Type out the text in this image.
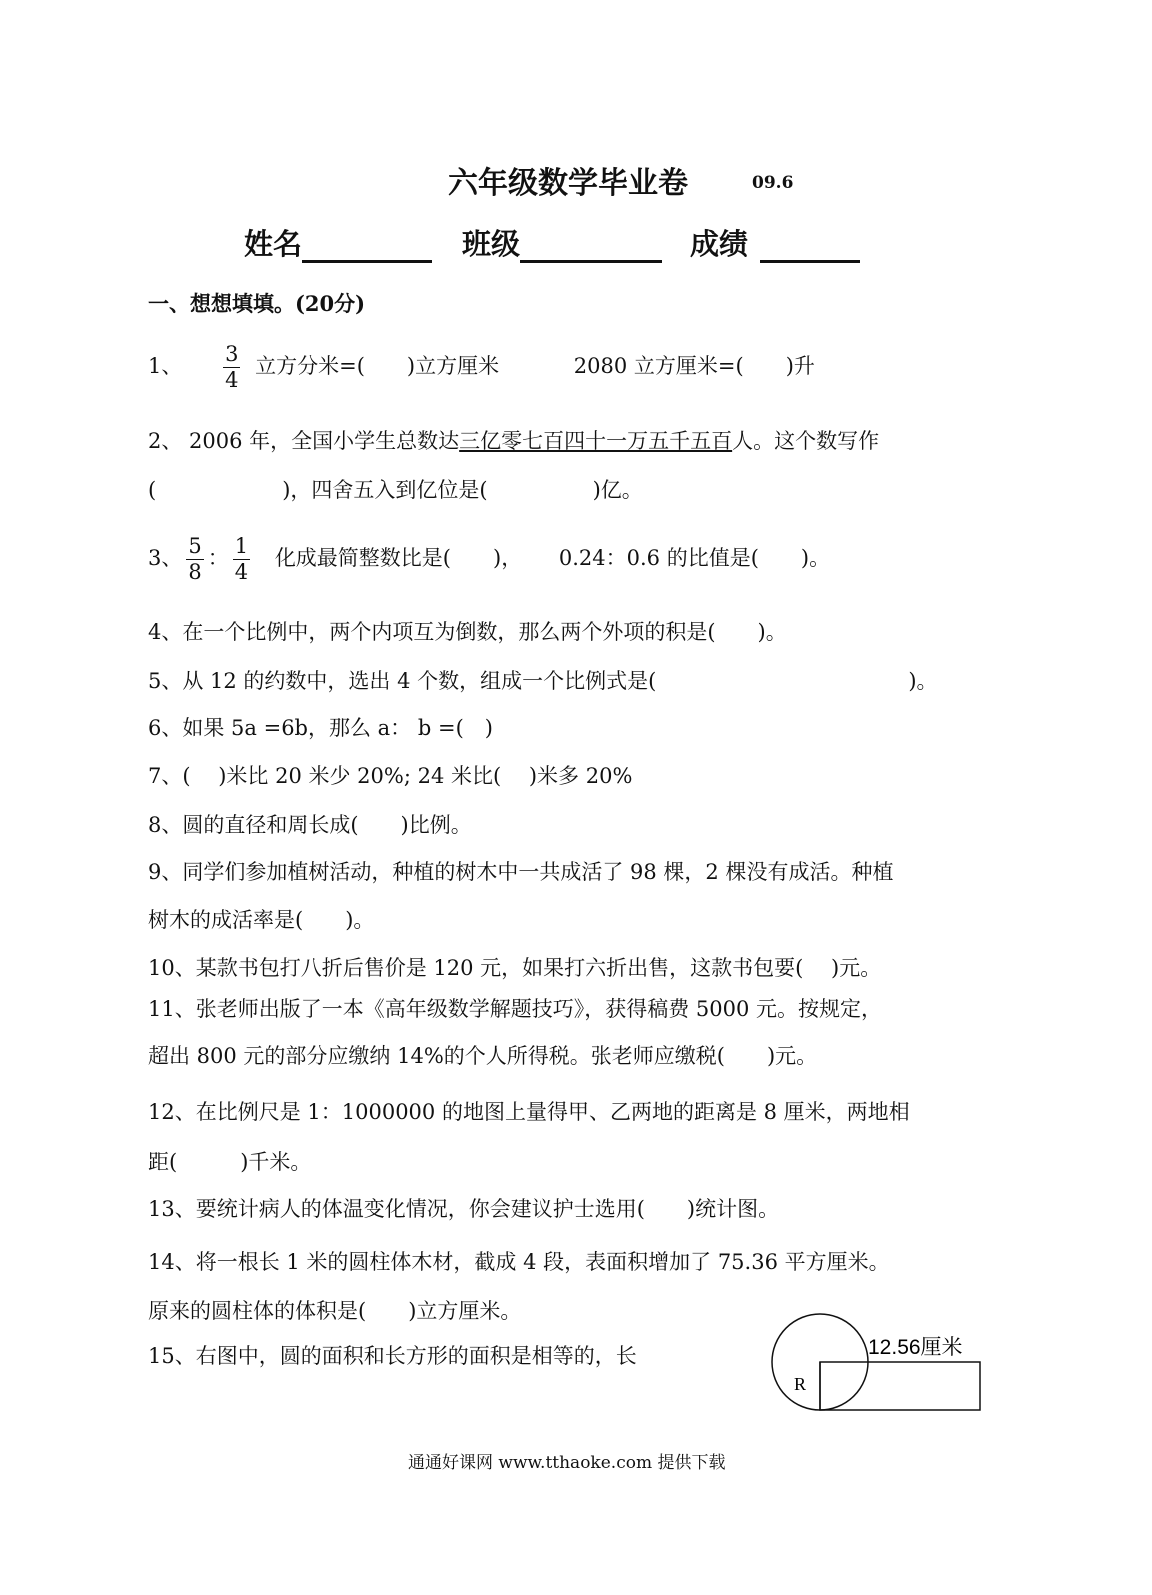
六年级数学毕业卷	09.6
姓名	班级	成绩
一、想想填填。(20分)
1、 $\frac{3}{4}$ 立方分米=(　　)立方厘米	2080 立方厘米=(　　)升
2、 2006 年，全国小学生总数达三亿零七百四十一万五千五百人。这个数写作
(　　　　　　)，四舍五入到亿位是(　　　　　)亿。
3、 $\frac{5}{8}$ ： $\frac{1}{4}$ 化成最简整数比是(　　)， 0.24：0.6 的比值是(　　)。
4、在一个比例中，两个内项互为倒数，那么两个外项的积是(　　)。
5、从 12 的约数中，选出 4 个数，组成一个比例式是(　　　　　　　　　　　　)。
6、如果 5a =6b，那么 a： b =(　)
7、(　 )米比 20 米少 20%; 24 米比(　 )米多 20%
8、圆的直径和周长成(　　)比例。
9、同学们参加植树活动，种植的树木中一共成活了 98 棵，2 棵没有成活。种植
树木的成活率是(　　)。
10、某款书包打八折后售价是 120 元，如果打六折出售，这款书包要(　 )元。
11、张老师出版了一本《高年级数学解题技巧》，获得稿费 5000 元。按规定，
超出 800 元的部分应缴纳 14%的个人所得税。张老师应缴税(　　)元。
12、在比例尺是 1：1000000 的地图上量得甲、乙两地的距离是 8 厘米，两地相
距(　　　)千米。
13、要统计病人的体温变化情况，你会建议护士选用(　　)统计图。
14、将一根长 1 米的圆柱体木材，截成 4 段，表面积增加了 75.36 平方厘米。
原来的圆柱体的体积是(　　)立方厘米。
15、右图中，圆的面积和长方形的面积是相等的，长
R
12.56厘米
通通好课网 www.tthaoke.com 提供下载
